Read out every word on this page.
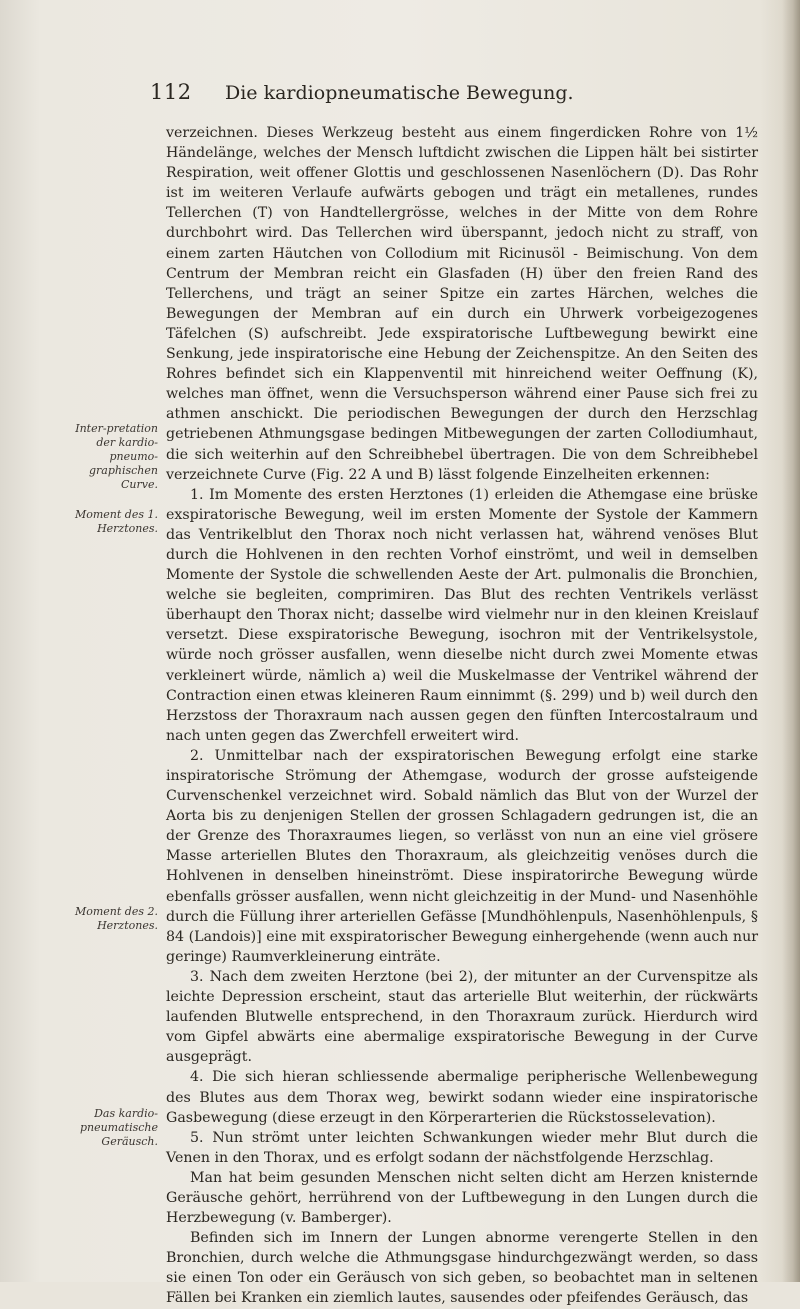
112 Die kardiopneumatische Bewegung.
Inter-pretation der kardio-pneumo-graphischen Curve.
Moment des 1. Herztones.
Moment des 2. Herztones.
Das kardio-pneumatische Geräusch.

verzeichnen. Dieses Werkzeug besteht aus einem fingerdicken Rohre von 1½ Händelänge, welches der Mensch luftdicht zwischen die Lippen hält bei sistirter Respiration, weit offener Glottis und geschlossenen Nasenlöchern (D). Das Rohr ist im weiteren Verlaufe aufwärts gebogen und trägt ein metallenes, rundes Tellerchen (T) von Handtellergrösse, welches in der Mitte von dem Rohre durchbohrt wird. Das Tellerchen wird überspannt, jedoch nicht zu straff, von einem zarten Häutchen von Collodium mit Ricinusöl - Beimischung. Von dem Centrum der Membran reicht ein Glasfaden (H) über den freien Rand des Tellerchens, und trägt an seiner Spitze ein zartes Härchen, welches die Bewegungen der Membran auf ein durch ein Uhrwerk vorbeigezogenes Täfelchen (S) aufschreibt. Jede exspiratorische Luftbewegung bewirkt eine Senkung, jede inspiratorische eine Hebung der Zeichenspitze. An den Seiten des Rohres befindet sich ein Klappenventil mit hinreichend weiter Oeffnung (K), welches man öffnet, wenn die Versuchsperson während einer Pause sich frei zu athmen anschickt. Die periodischen Bewegungen der durch den Herzschlag getriebenen Athmungsgase bedingen Mitbewegungen der zarten Collodiumhaut, die sich weiterhin auf den Schreibhebel übertragen. Die von dem Schreibhebel verzeichnete Curve (Fig. 22 A und B) lässt folgende Einzelheiten erkennen:

1. Im Momente des ersten Herztones (1) erleiden die Athemgase eine brüske exspiratorische Bewegung, weil im ersten Momente der Systole der Kammern das Ventrikelblut den Thorax noch nicht verlassen hat, während venöses Blut durch die Hohlvenen in den rechten Vorhof einströmt, und weil in demselben Momente der Systole die schwellenden Aeste der Art. pulmonalis die Bronchien, welche sie begleiten, comprimiren. Das Blut des rechten Ventrikels verlässt überhaupt den Thorax nicht; dasselbe wird vielmehr nur in den kleinen Kreislauf versetzt. Diese exspiratorische Bewegung, isochron mit der Ventrikelsystole, würde noch grösser ausfallen, wenn dieselbe nicht durch zwei Momente etwas verkleinert würde, nämlich a) weil die Muskelmasse der Ventrikel während der Contraction einen etwas kleineren Raum einnimmt (§. 299) und b) weil durch den Herzstoss der Thoraxraum nach aussen gegen den fünften Intercostalraum und nach unten gegen das Zwerchfell erweitert wird.

2. Unmittelbar nach der exspiratorischen Bewegung erfolgt eine starke inspiratorische Strömung der Athemgase, wodurch der grosse aufsteigende Curvenschenkel verzeichnet wird. Sobald nämlich das Blut von der Wurzel der Aorta bis zu denjenigen Stellen der grossen Schlagadern gedrungen ist, die an der Grenze des Thoraxraumes liegen, so verlässt von nun an eine viel grösere Masse arteriellen Blutes den Thoraxraum, als gleichzeitig venöses durch die Hohlvenen in denselben hineinströmt. Diese inspiratorirche Bewegung würde ebenfalls grösser ausfallen, wenn nicht gleichzeitig in der Mund- und Nasenhöhle durch die Füllung ihrer arteriellen Gefässe [Mundhöhlenpuls, Nasenhöhlenpuls, § 84 (Landois)] eine mit exspiratorischer Bewegung einhergehende (wenn auch nur geringe) Raumverkleinerung einträte.

3. Nach dem zweiten Herztone (bei 2), der mitunter an der Curvenspitze als leichte Depression erscheint, staut das arterielle Blut weiterhin, der rückwärts laufenden Blutwelle entsprechend, in den Thoraxraum zurück. Hierdurch wird vom Gipfel abwärts eine abermalige exspiratorische Bewegung in der Curve ausgeprägt.

4. Die sich hieran schliessende abermalige peripherische Wellenbewegung des Blutes aus dem Thorax weg, bewirkt sodann wieder eine inspiratorische Gasbewegung (diese erzeugt in den Körperarterien die Rückstosselevation).

5. Nun strömt unter leichten Schwankungen wieder mehr Blut durch die Venen in den Thorax, und es erfolgt sodann der nächstfolgende Herzschlag.

Man hat beim gesunden Menschen nicht selten dicht am Herzen knisternde Geräusche gehört, herrührend von der Luftbewegung in den Lungen durch die Herzbewegung (v. Bamberger).

Befinden sich im Innern der Lungen abnorme verengerte Stellen in den Bronchien, durch welche die Athmungsgase hindurchgezwängt werden, so dass sie einen Ton oder ein Geräusch von sich geben, so beobachtet man in seltenen Fällen bei Kranken ein ziemlich lautes, sausendes oder pfeifendes Geräusch, das
